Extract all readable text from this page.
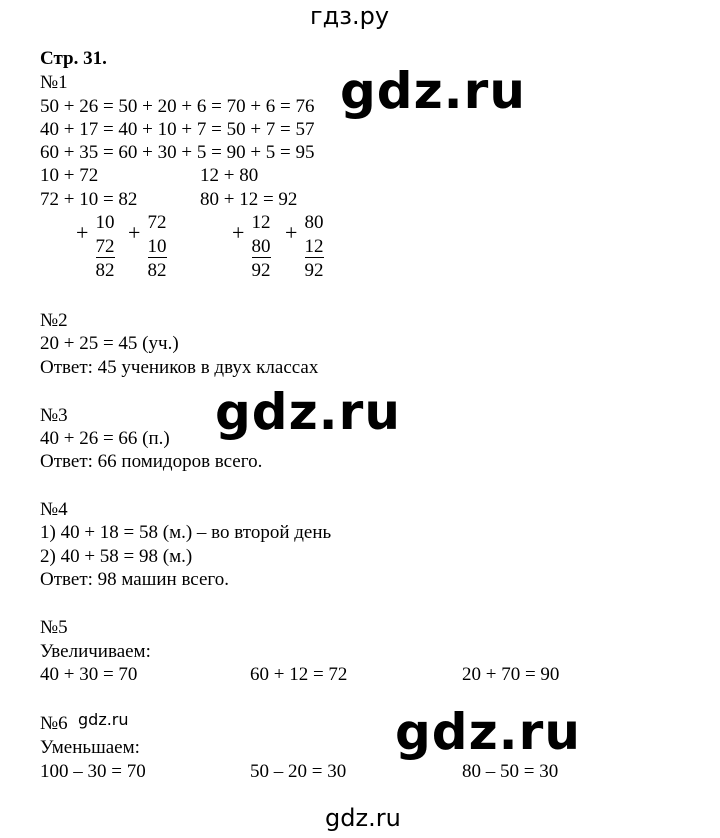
гдз.ру
gdz.ru
gdz.ru
gdz.ru	gdz.ru
gdz.ru
Стр. 31.
№1
50 + 26 = 50 + 20 + 6 = 70 + 6 = 76
40 + 17 = 40 + 10 + 7 = 50 + 7 = 57
60 + 35 = 60 + 30 + 5 = 90 + 5 = 95
10 + 72	12 + 80
72 + 10 = 82	80 + 12 = 92
+ 10
72
82
+ 72
10
82
+ 12
80
92
+ 80
12
92
№2
20 + 25 = 45 (уч.)
Ответ: 45 учеников в двух классах
№3
40 + 26 = 66 (п.)
Ответ: 66 помидоров всего.
№4
1) 40 + 18 = 58 (м.) – во второй день
2) 40 + 58 = 98 (м.)
Ответ: 98 машин всего.
№5
Увеличиваем:
40 + 30 = 70	60 + 12 = 72	20 + 70 = 90
№6
Уменьшаем:
100 – 30 = 70	50 – 20 = 30	80 – 50 = 30
